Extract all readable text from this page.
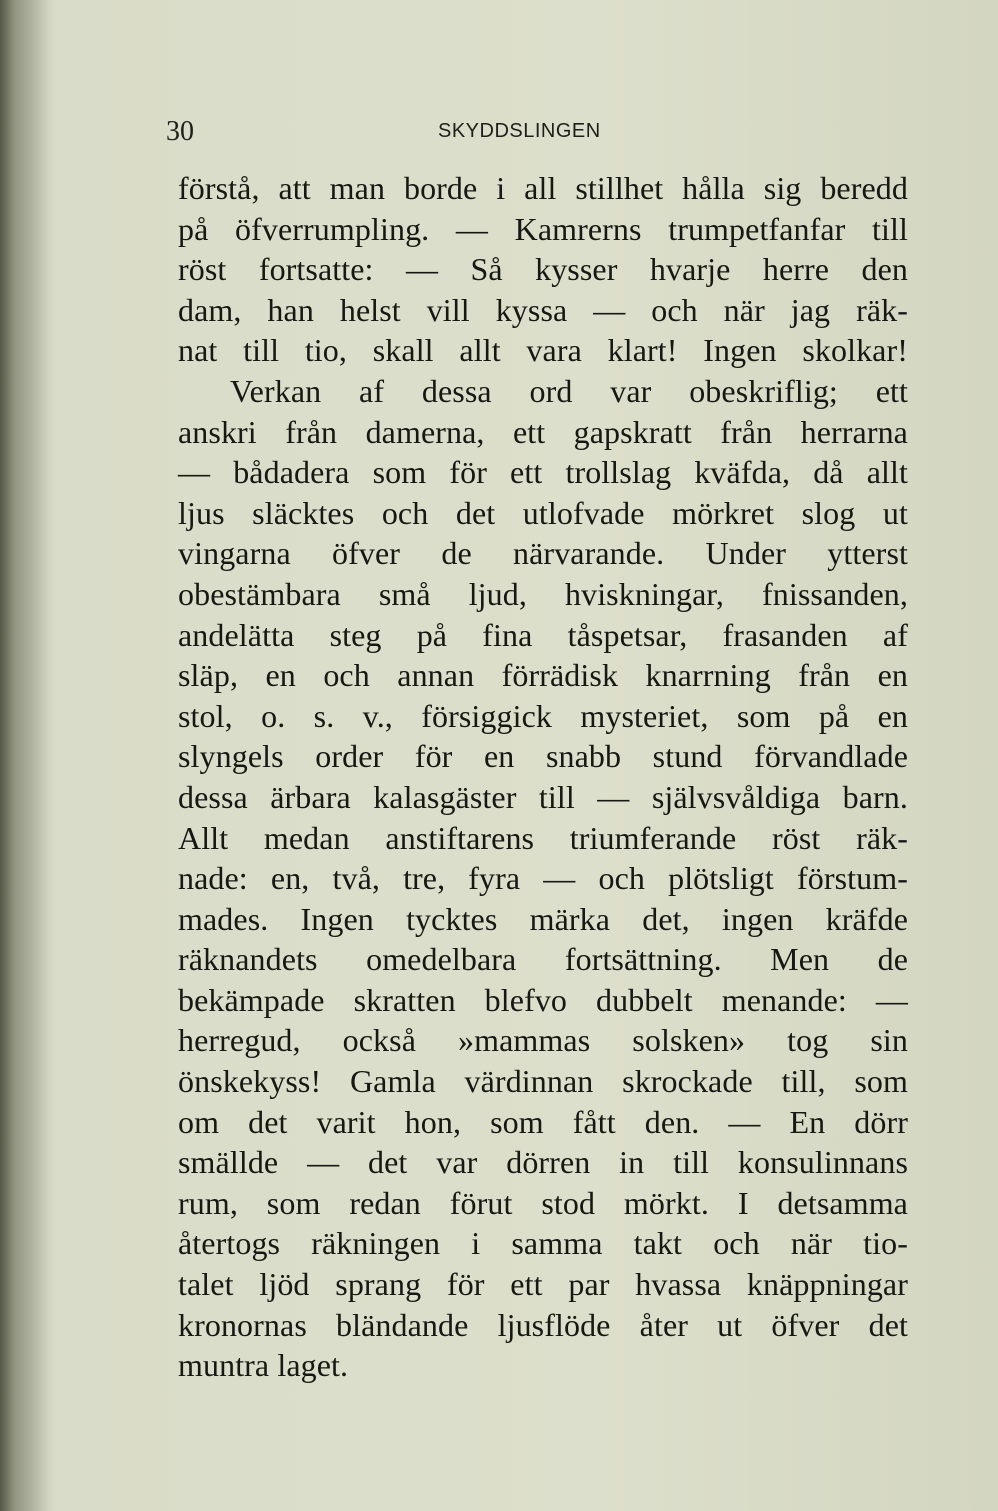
30	SKYDDSLINGEN
förstå, att man borde i all stillhet hålla sig beredd
på öfverrumpling. — Kamrerns trumpetfanfar till
röst fortsatte: — Så kysser hvarje herre den
dam, han helst vill kyssa — och när jag räk-
nat till tio, skall allt vara klart! Ingen skolkar!
Verkan af dessa ord var obeskriflig; ett
anskri från damerna, ett gapskratt från herrarna
— bådadera som för ett trollslag kväfda, då allt
ljus släcktes och det utlofvade mörkret slog ut
vingarna öfver de närvarande. Under ytterst
obestämbara små ljud, hviskningar, fnissanden,
andelätta steg på fina tåspetsar, frasanden af
släp, en och annan förrädisk knarrning från en
stol, o. s. v., försiggick mysteriet, som på en
slyngels order för en snabb stund förvandlade
dessa ärbara kalasgäster till — självsvåldiga barn.
Allt medan anstiftarens triumferande röst räk-
nade: en, två, tre, fyra — och plötsligt förstum-
mades. Ingen tycktes märka det, ingen kräfde
räknandets omedelbara fortsättning. Men de
bekämpade skratten blefvo dubbelt menande: —
herregud, också »mammas solsken» tog sin
önskekyss! Gamla värdinnan skrockade till, som
om det varit hon, som fått den. — En dörr
smällde — det var dörren in till konsulinnans
rum, som redan förut stod mörkt. I detsamma
återtogs räkningen i samma takt och när tio-
talet ljöd sprang för ett par hvassa knäppningar
kronornas bländande ljusflöde åter ut öfver det
muntra laget.
